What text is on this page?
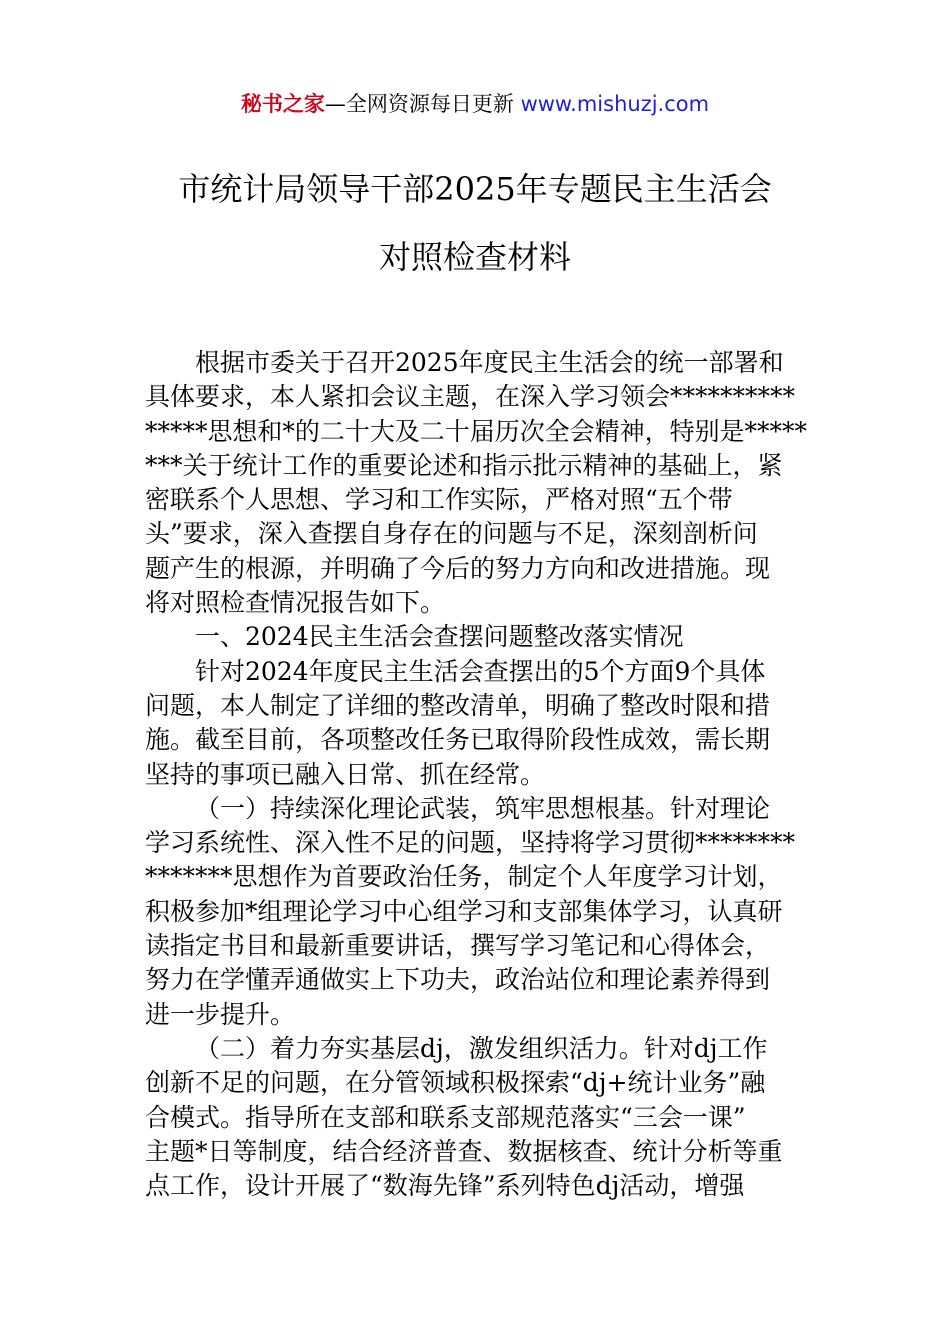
秘书之家—全网资源每日更新 www.mishuzj.com
市统计局领导干部2025年专题民主生活会
对照检查材料
根据市委关于召开2025年度民主生活会的统一部署和
具体要求，本人紧扣会议主题，在深入学习领会**********
*****思想和*的二十大及二十届历次全会精神，特别是*****
***关于统计工作的重要论述和指示批示精神的基础上，紧
密联系个人思想、学习和工作实际，严格对照“五个带
头”要求，深入查摆自身存在的问题与不足，深刻剖析问
题产生的根源，并明确了今后的努力方向和改进措施。现
将对照检查情况报告如下。
一、2024民主生活会查摆问题整改落实情况
针对2024年度民主生活会查摆出的5个方面9个具体
问题，本人制定了详细的整改清单，明确了整改时限和措
施。截至目前，各项整改任务已取得阶段性成效，需长期
坚持的事项已融入日常、抓在经常。
（一）持续深化理论武装，筑牢思想根基。针对理论
学习系统性、深入性不足的问题，坚持将学习贯彻********
*******思想作为首要政治任务，制定个人年度学习计划，
积极参加*组理论学习中心组学习和支部集体学习，认真研
读指定书目和最新重要讲话，撰写学习笔记和心得体会，
努力在学懂弄通做实上下功夫，政治站位和理论素养得到
进一步提升。
（二）着力夯实基层dj，激发组织活力。针对dj工作
创新不足的问题，在分管领域积极探索“dj+统计业务”融
合模式。指导所在支部和联系支部规范落实“三会一课”
主题*日等制度，结合经济普查、数据核查、统计分析等重
点工作，设计开展了“数海先锋”系列特色dj活动，增强
